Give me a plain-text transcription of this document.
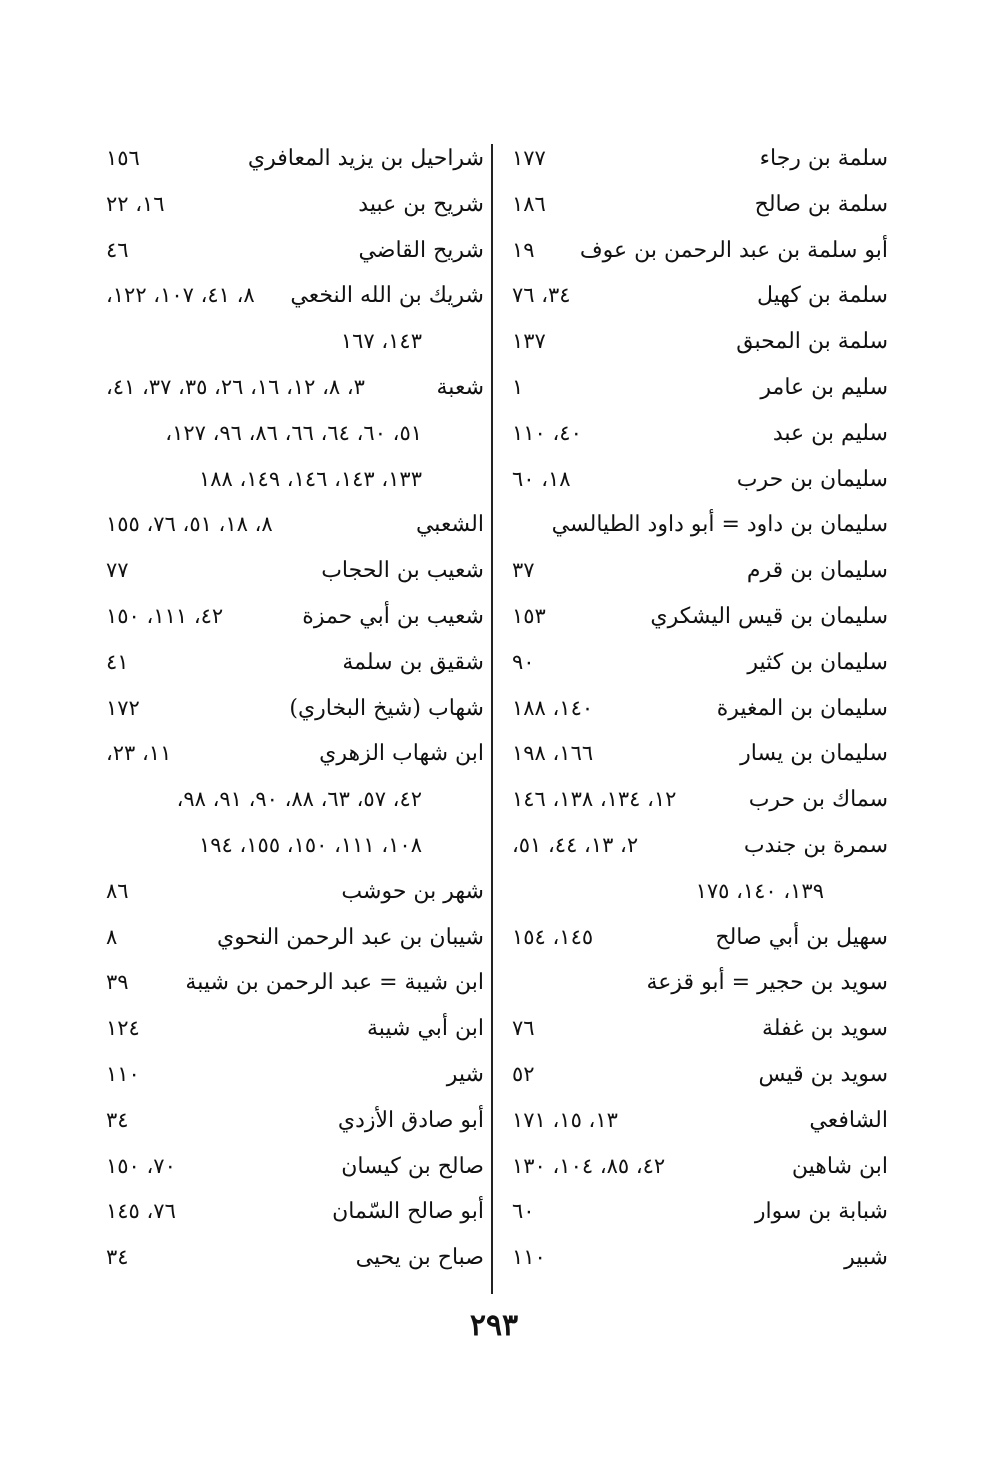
سلمة بن رجاء
١٧٧
سلمة بن صالح
١٨٦
أبو سلمة بن عبد الرحمن بن عوف
١٩
سلمة بن كهيل
٣٤، ٧٦
سلمة بن المحبق
١٣٧
سليم بن عامر
١
سليم بن عبد
٤٠، ١١٠
سليمان بن حرب
١٨، ٦٠
سليمان بن داود = أبو داود الطيالسي
سليمان بن قرم
٣٧
سليمان بن قيس اليشكري
١٥٣
سليمان بن كثير
٩٠
سليمان بن المغيرة
١٤٠، ١٨٨
سليمان بن يسار
١٦٦، ١٩٨
سماك بن حرب
١٢، ١٣٤، ١٣٨، ١٤٦
سمرة بن جندب
٢، ١٣، ٤٤، ٥١،
١٣٩، ١٤٠، ١٧٥
سهيل بن أبي صالح
١٤٥، ١٥٤
سويد بن حجير = أبو قزعة
سويد بن غفلة
٧٦
سويد بن قيس
٥٢
الشافعي
١٣، ١٥، ١٧١
ابن شاهين
٤٢، ٨٥، ١٠٤، ١٣٠
شبابة بن سوار
٦٠
شبير
١١٠
شراحيل بن يزيد المعافري
١٥٦
شريح بن عبيد
١٦، ٢٢
شريح القاضي
٤٦
شريك بن الله النخعي
٨، ٤١، ١٠٧، ١٢٢،
١٤٣، ١٦٧
شعبة
٣، ٨، ١٢، ١٦، ٢٦، ٣٥، ٣٧، ٤١،
٥١، ٦٠، ٦٤، ٦٦، ٨٦، ٩٦، ١٢٧،
١٣٣، ١٤٣، ١٤٦، ١٤٩، ١٨٨
الشعبي
٨، ١٨، ٥١، ٧٦، ١٥٥
شعيب بن الحجاب
٧٧
شعيب بن أبي حمزة
٤٢، ١١١، ١٥٠
شقيق بن سلمة
٤١
شهاب (شيخ البخاري)
١٧٢
ابن شهاب الزهري
١١، ٢٣،
٤٢، ٥٧، ٦٣، ٨٨، ٩٠، ٩١، ٩٨،
١٠٨، ١١١، ١٥٠، ١٥٥، ١٩٤
شهر بن حوشب
٨٦
شيبان بن عبد الرحمن النحوي
٨
ابن شيبة = عبد الرحمن بن شيبة
٣٩
ابن أبي شيبة
١٢٤
شير
١١٠
أبو صادق الأزدي
٣٤
صالح بن كيسان
٧٠، ١٥٠
أبو صالح السّمان
٧٦، ١٤٥
صباح بن يحيى
٣٤
٢٩٣
